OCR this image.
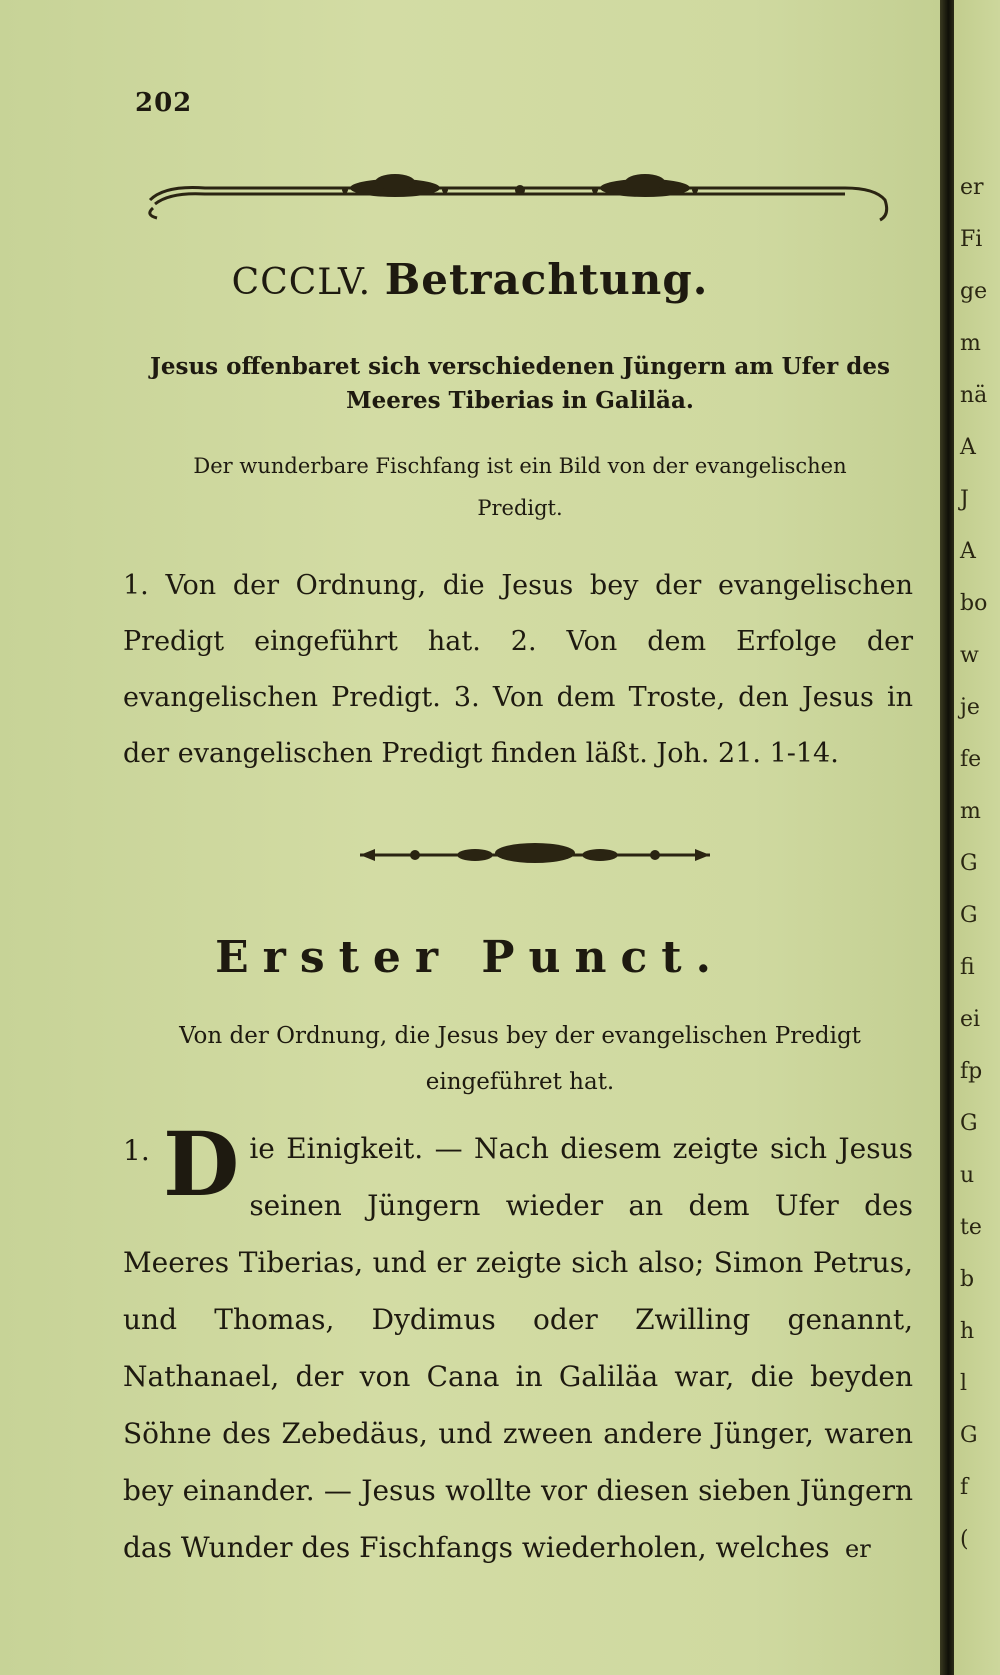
202
CCCLV. Betrachtung.
Jesus offenbaret sich verschiedenen Jüngern am Ufer des Meeres Tiberias in Galiläa.
Der wunderbare Fischfang ist ein Bild von der evangelischen Predigt.
1. Von der Ordnung, die Jesus bey der evangelischen Predigt eingeführt hat. 2. Von dem Erfolge der evangelischen Predigt. 3. Von dem Troste, den Jesus in der evangelischen Predigt finden läßt. Joh. 21. 1-14.
Erster Punct.
Von der Ordnung, die Jesus bey der evangelischen Predigt eingeführet hat.
1. D ie Einigkeit. — Nach diesem zeigte sich Jesus seinen Jüngern wieder an dem Ufer des Meeres Tiberias, und er zeigte sich also; Simon Petrus, und Thomas, Dydimus oder Zwilling genannt, Nathanael, der von Cana in Galiläa war, die beyden Söhne des Zebedäus, und zween andere Jünger, waren bey einander. — Jesus wollte vor diesen sieben Jüngern das Wunder des Fischfangs wiederholen, welches er
er
Fi
ge
m
nä
A
J
A
bo
w
je
fe
m
G
G
fi
ei
fp
G
u
te
b
h
l
G
f
(
